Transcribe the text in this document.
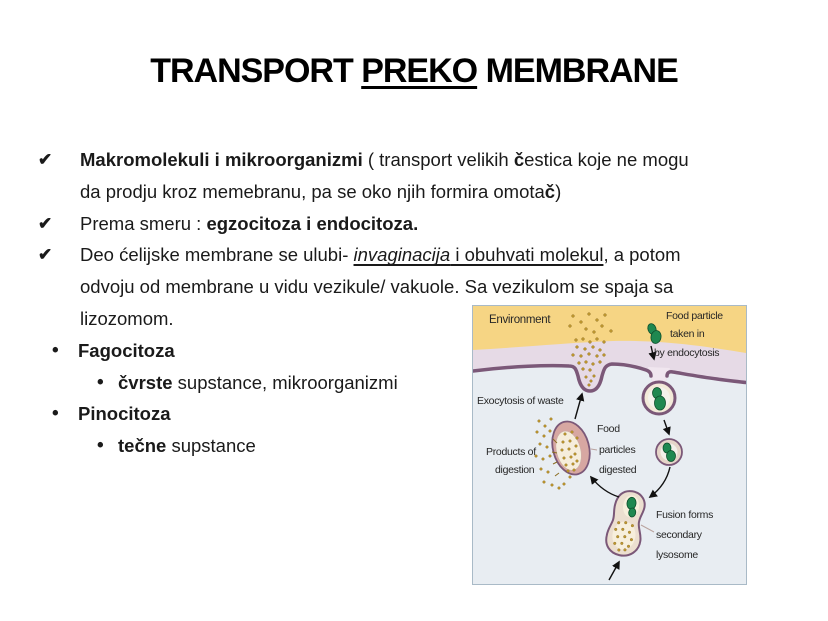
TRANSPORT PREKO MEMBRANE
✔	Makromolekuli i mikroorganizmi ( transport velikih čestica koje ne mogu
da prodju kroz memebranu, pa se oko njih formira omotač)
✔	Prema smeru : egzocitoza i endocitoza.
✔	Deo ćelijske membrane se ulubi- invaginacija i obuhvati molekul, a potom
odvoju od membrane u vidu vezikule/ vakuole. Sa vezikulom se spaja sa
lizozomom.
•	Fagocitoza
• čvrste supstance, mikroorganizmi
•	Pinocitoza
• tečne supstance
Environment	Food particle
taken in
by endocytosis
Exocytosis of waste
Food
particles
digested
Products of
digestion
Fusion forms
secondary
lysosome
